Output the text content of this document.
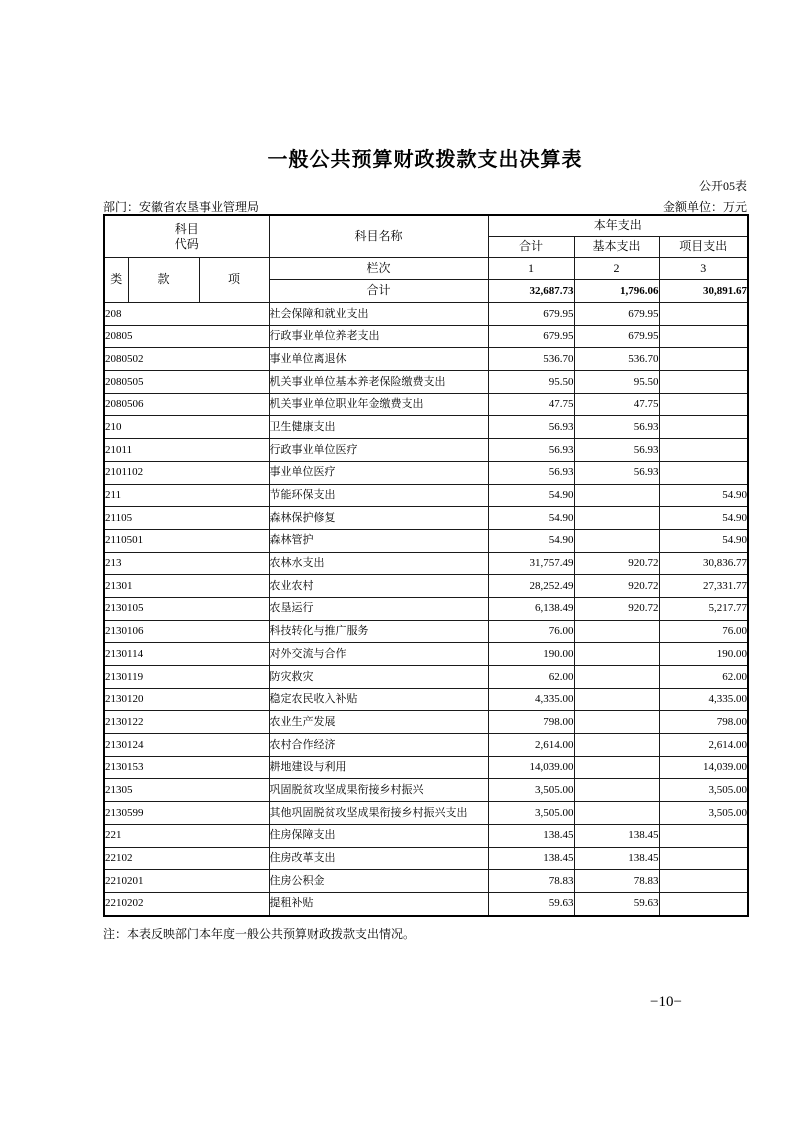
一般公共预算财政拨款支出决算表
公开05表
部门：安徽省农垦事业管理局	金额单位：万元
科目
代码			科目名称	本年支出		
				合计	基本支出	项目支出
类	款	项	栏次	1	2	3
			合计	32,687.73	1,796.06	30,891.67
208			社会保障和就业支出	679.95	679.95	
20805			行政事业单位养老支出	679.95	679.95	
2080502			事业单位离退休	536.70	536.70	
2080505			机关事业单位基本养老保险缴费支出	95.50	95.50	
2080506			机关事业单位职业年金缴费支出	47.75	47.75	
210			卫生健康支出	56.93	56.93	
21011			行政事业单位医疗	56.93	56.93	
2101102			事业单位医疗	56.93	56.93	
211			节能环保支出	54.90		54.90
21105			森林保护修复	54.90		54.90
2110501			森林管护	54.90		54.90
213			农林水支出	31,757.49	920.72	30,836.77
21301			农业农村	28,252.49	920.72	27,331.77
2130105			农垦运行	6,138.49	920.72	5,217.77
2130106			科技转化与推广服务	76.00		76.00
2130114			对外交流与合作	190.00		190.00
2130119			防灾救灾	62.00		62.00
2130120			稳定农民收入补贴	4,335.00		4,335.00
2130122			农业生产发展	798.00		798.00
2130124			农村合作经济	2,614.00		2,614.00
2130153			耕地建设与利用	14,039.00		14,039.00
21305			巩固脱贫攻坚成果衔接乡村振兴	3,505.00		3,505.00
2130599			其他巩固脱贫攻坚成果衔接乡村振兴支出	3,505.00		3,505.00
221			住房保障支出	138.45	138.45	
22102			住房改革支出	138.45	138.45	
2210201			住房公积金	78.83	78.83	
2210202			提租补贴	59.63	59.63	
注：本表反映部门本年度一般公共预算财政拨款支出情况。
−10−
